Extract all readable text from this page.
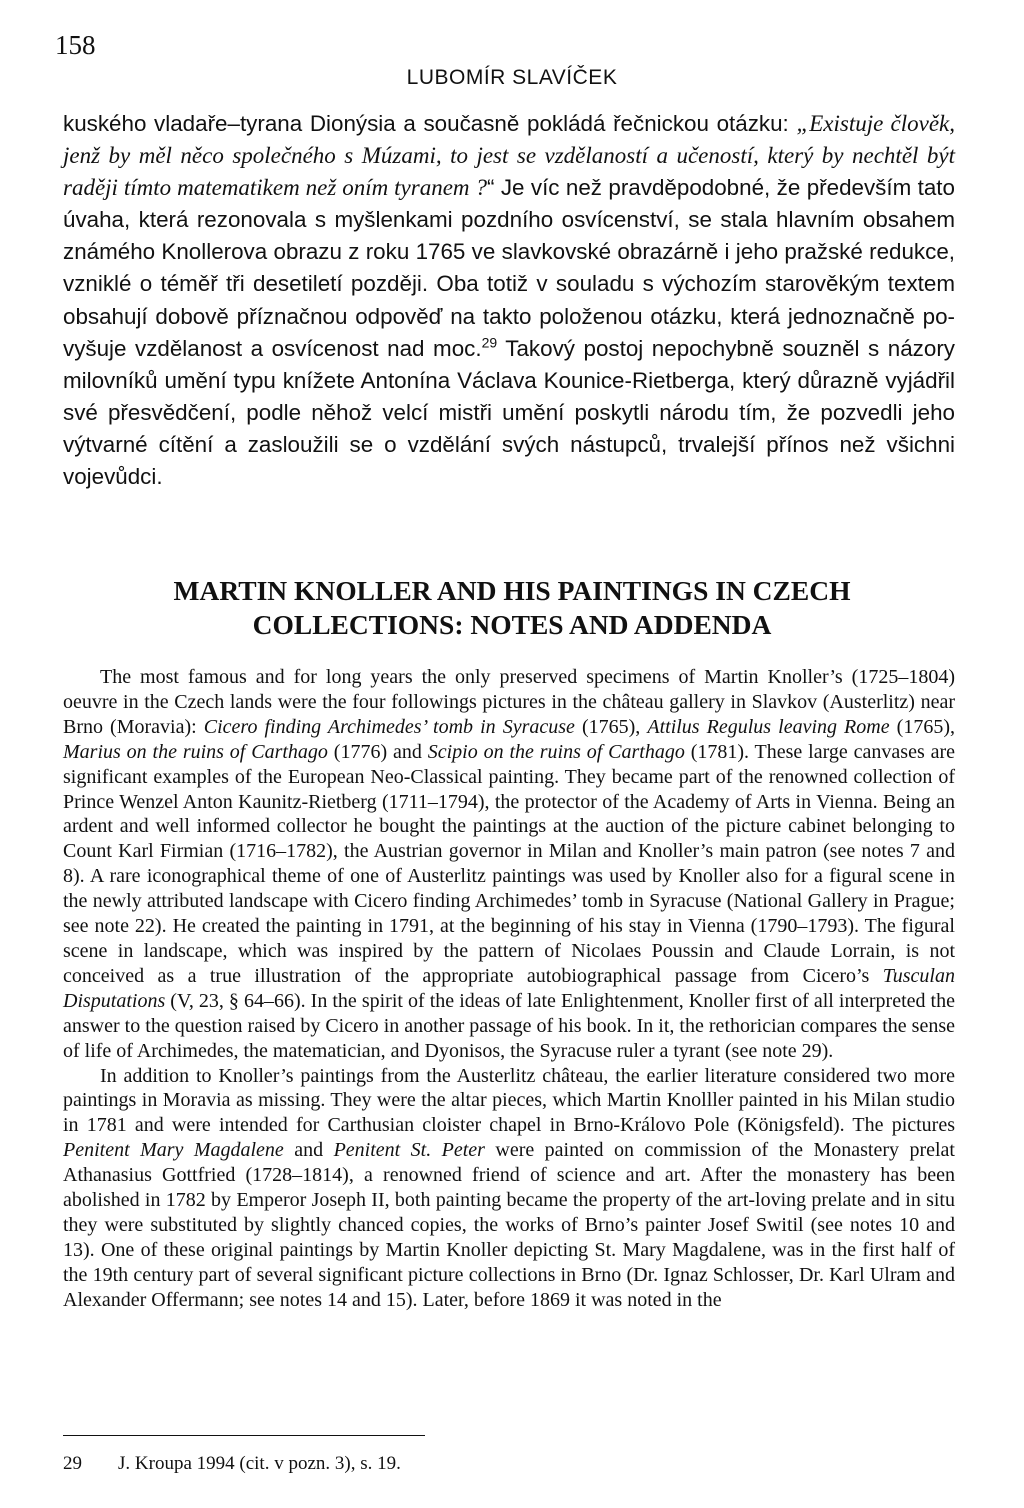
158
LUBOMÍR SLAVÍČEK

kuského vladaře–tyrana Dionýsia a současně pokládá řečnickou otázku: „Existuje člověk, jenž by měl něco společného s Múzami, to jest se vzdělaností a učeností, který by nechtěl být raději tímto matematikem než oním tyranem ?“ Je víc než pravděpodobné, že především tato úvaha, která rezonovala s myšlenkami pozdního osvícenství, se stala hlavním obsahem známého Knollerova obrazu z roku 1765 ve slavkovské obrazárně i jeho pražské redukce, vzniklé o téměř tři desetiletí později. Oba totiž v souladu s výchozím starověkým textem obsahují dobově příznačnou odpověď na takto položenou otázku, která jednoznačně povyšuje vzdělanost a osvícenost nad moc.$^{29}$ Takový postoj nepochybně souzněl s názory milovníků umění typu knížete Antonína Václava Kounice-Rietberga, který důrazně vyjádřil své přesvědčení, podle něhož velcí mistři umění poskytli národu tím, že pozvedli jeho výtvarné cítění a zasloužili se o vzdělání svých nástupců, trvalejší přínos než všichni vojevůdci.

MARTIN KNOLLER AND HIS PAINTINGS IN CZECH
COLLECTIONS: NOTES AND ADDENDA

The most famous and for long years the only preserved specimens of Martin Knoller’s (1725–1804) oeuvre in the Czech lands were the four followings pictures in the château gallery in Slavkov (Austerlitz) near Brno (Moravia): Cicero finding Archimedes’ tomb in Syracuse (1765), Attilus Regulus leaving Rome (1765), Marius on the ruins of Carthago (1776) and Scipio on the ruins of Carthago (1781). These large canvases are significant examples of the European Neo-Classical painting. They became part of the renowned collection of Prince Wenzel Anton Kaunitz-Rietberg (1711–1794), the protector of the Academy of Arts in Vienna. Being an ardent and well informed collector he bought the paintings at the auction of the picture cabinet belonging to Count Karl Firmian (1716–1782), the Austrian governor in Milan and Knoller’s main patron (see notes 7 and 8). A rare iconographical theme of one of Austerlitz paintings was used by Knoller also for a figural scene in the newly attributed landscape with Cicero finding Archimedes’ tomb in Syracuse (National Gallery in Prague; see note 22). He created the painting in 1791, at the beginning of his stay in Vienna (1790–1793). The figural scene in landscape, which was inspired by the pattern of Nicolaes Poussin and Claude Lorrain, is not conceived as a true illustration of the appropriate autobiographical passage from Cicero’s Tusculan Disputations (V, 23, § 64–66). In the spirit of the ideas of late Enlightenment, Knoller first of all interpreted the answer to the question raised by Cicero in another passage of his book. In it, the rethorician compares the sense of life of Archimedes, the matematician, and Dyonisos, the Syracuse ruler a tyrant (see note 29).

In addition to Knoller’s paintings from the Austerlitz château, the earlier literature considered two more paintings in Moravia as missing. They were the altar pieces, which Martin Knolller painted in his Milan studio in 1781 and were intended for Carthusian cloister chapel in Brno-Královo Pole (Königsfeld). The pictures Penitent Mary Magdalene and Penitent St. Peter were painted on commission of the Monastery prelat Athanasius Gottfried (1728–1814), a renowned friend of science and art. After the monastery has been abolished in 1782 by Emperor Joseph II, both painting became the property of the art-loving prelate and in situ they were substituted by slightly chanced copies, the works of Brno’s painter Josef Switil (see notes 10 and 13). One of these original paintings by Martin Knoller depicting St. Mary Magdalene, was in the first half of the 19th century part of several significant picture collections in Brno (Dr. Ignaz Schlosser, Dr. Karl Ulram and Alexander Offermann; see notes 14 and 15). Later, before 1869 it was noted in the

29 J. Kroupa 1994 (cit. v pozn. 3), s. 19.
